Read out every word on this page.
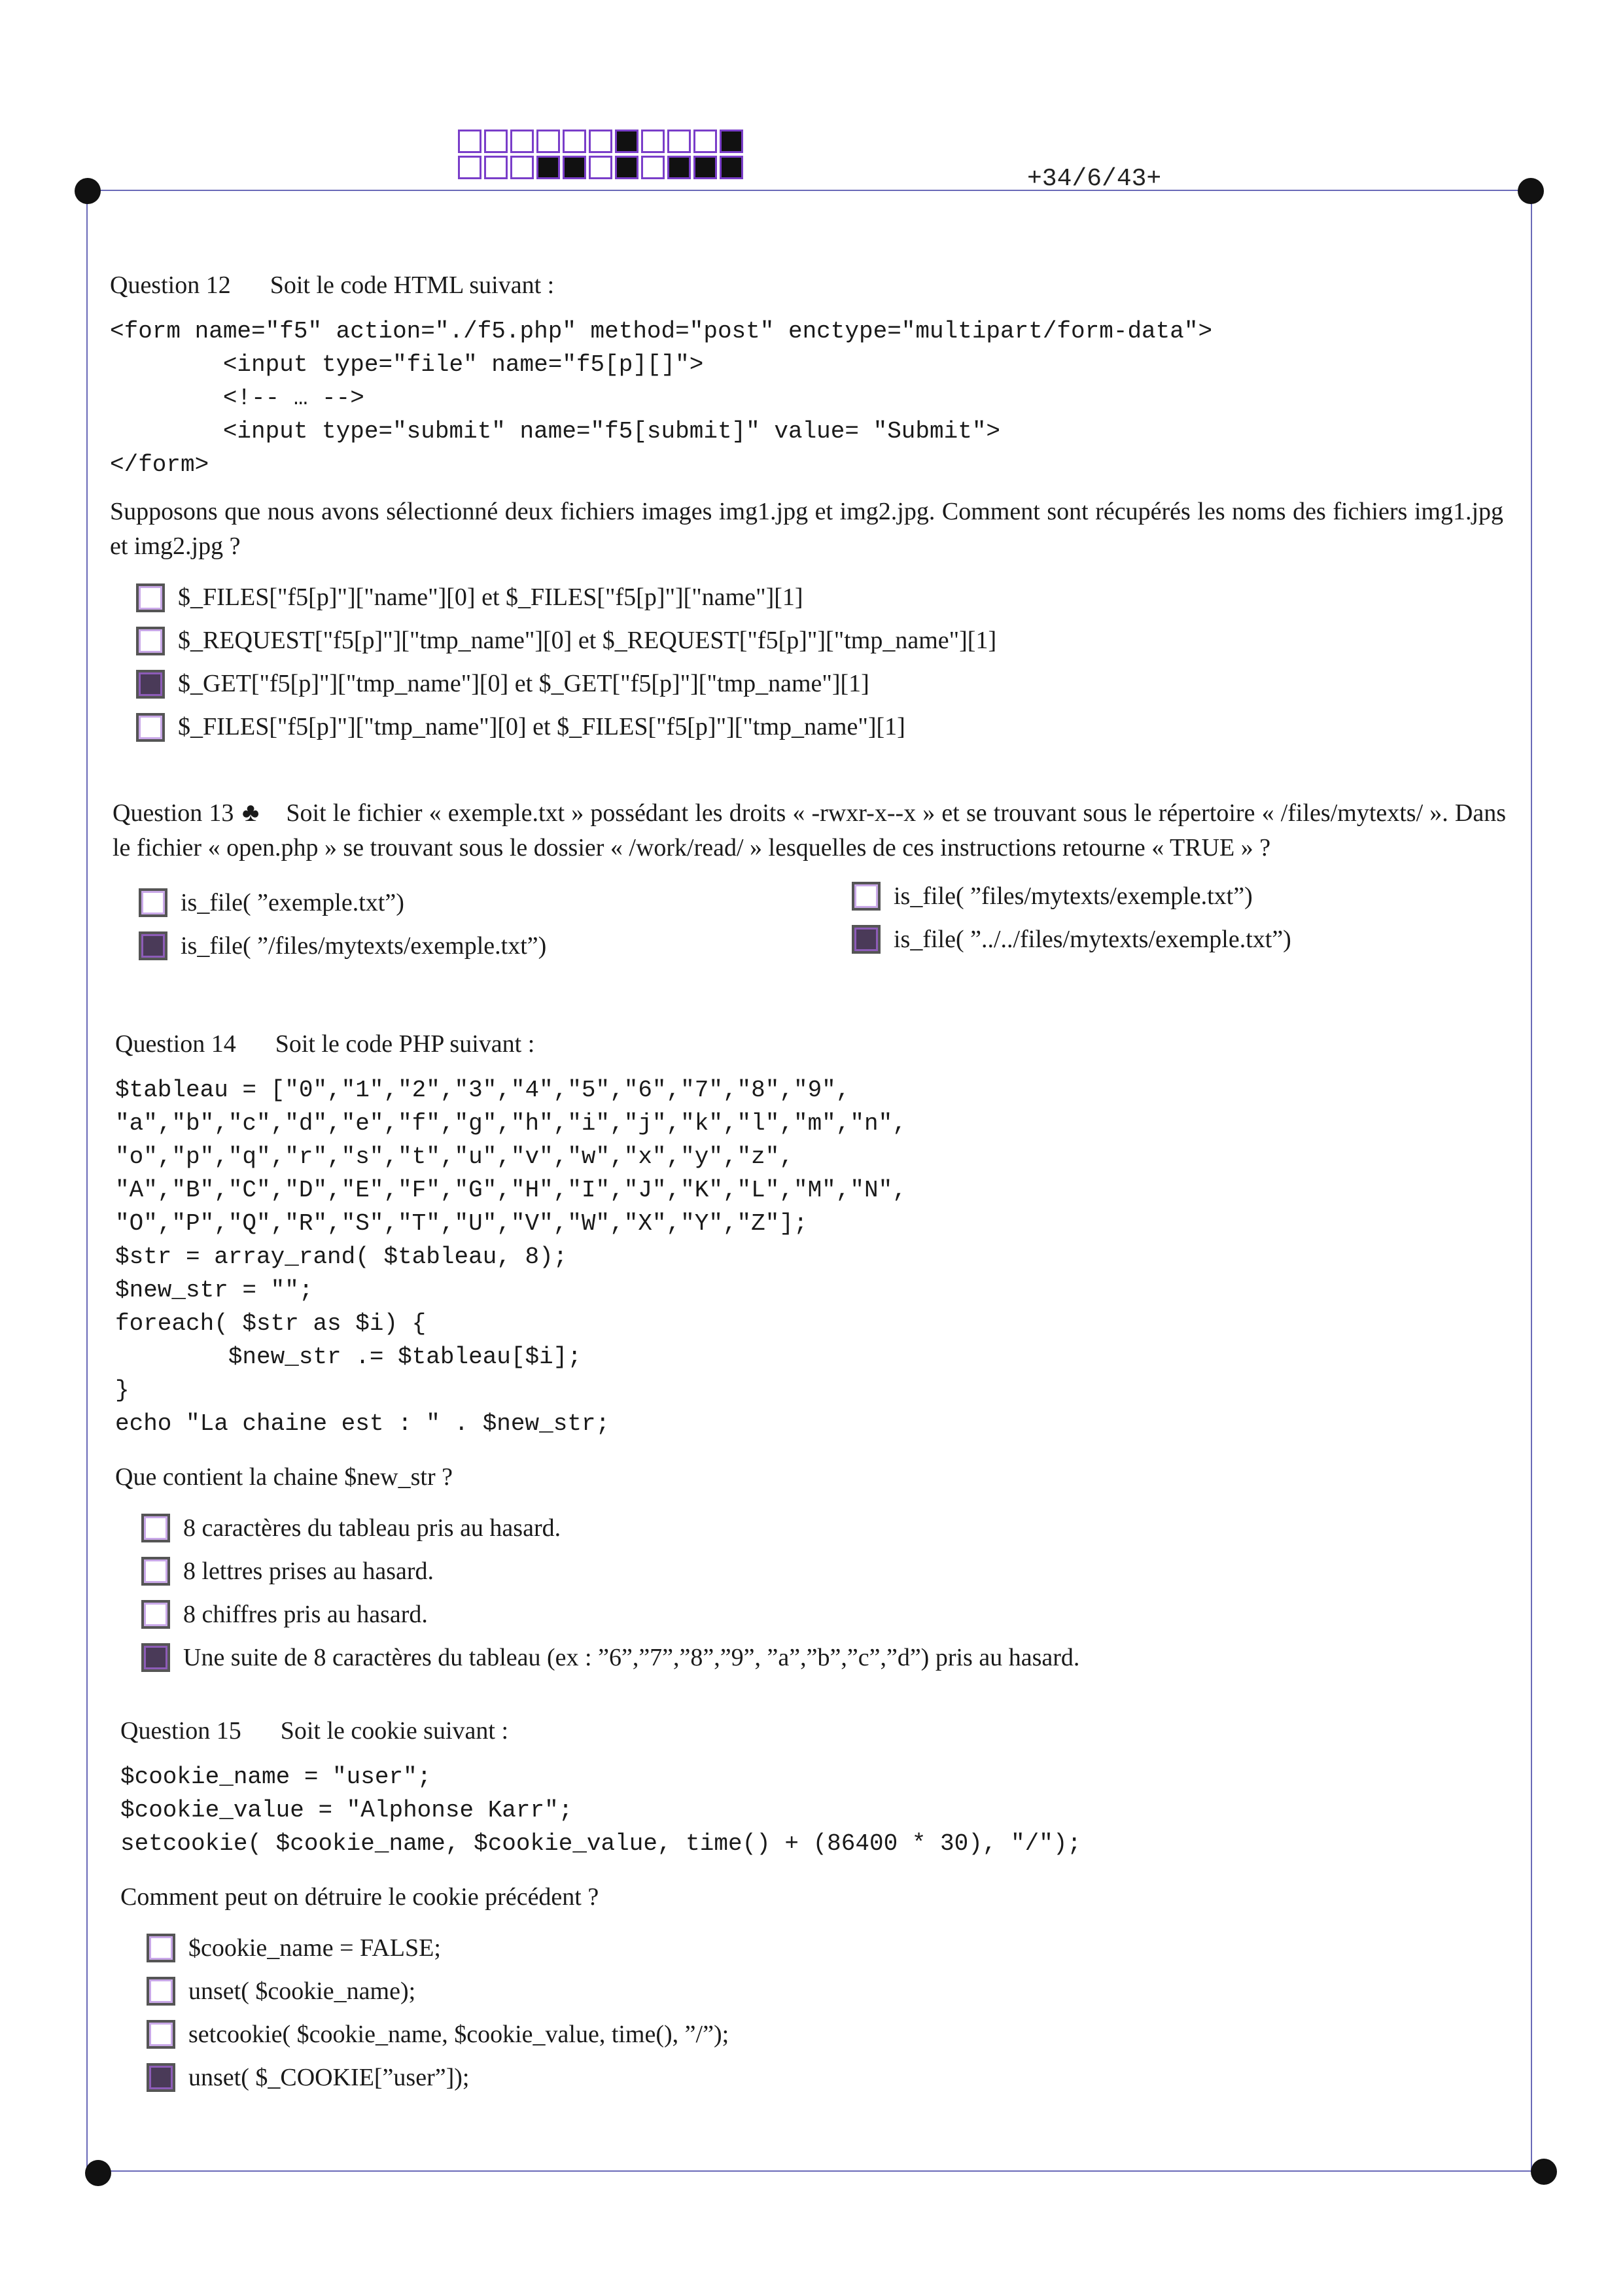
+34/6/43+
Question 12 Soit le code HTML suivant :
<form name="f5" action="./f5.php" method="post" enctype="multipart/form-data">
<input type="file" name="f5[p][]">
<!-- … -->
<input type="submit" name="f5[submit]" value= "Submit">
</form>
Supposons que nous avons sélectionné deux fichiers images img1.jpg et img2.jpg. Comment sont récupérés les noms des fichiers img1.jpg et img2.jpg ?
$_FILES["f5[p]"]["name"][0] et $_FILES["f5[p]"]["name"][1]
$_REQUEST["f5[p]"]["tmp_name"][0] et $_REQUEST["f5[p]"]["tmp_name"][1]
$_GET["f5[p]"]["tmp_name"][0] et $_GET["f5[p]"]["tmp_name"][1]
$_FILES["f5[p]"]["tmp_name"][0] et $_FILES["f5[p]"]["tmp_name"][1]
Question 13 ♣ Soit le fichier « exemple.txt » possédant les droits « -rwxr-x--x » et se trouvant sous le répertoire « /files/mytexts/ ». Dans le fichier « open.php » se trouvant sous le dossier « /work/read/ » lesquelles de ces instructions retourne « TRUE » ?
is_file( ”exemple.txt”)
is_file( ”/files/mytexts/exemple.txt”)
is_file( ”files/mytexts/exemple.txt”)
is_file( ”../../files/mytexts/exemple.txt”)
Question 14 Soit le code PHP suivant :
$tableau = ["0","1","2","3","4","5","6","7","8","9",
"a","b","c","d","e","f","g","h","i","j","k","l","m","n",
"o","p","q","r","s","t","u","v","w","x","y","z",
"A","B","C","D","E","F","G","H","I","J","K","L","M","N",
"O","P","Q","R","S","T","U","V","W","X","Y","Z"];
$str = array_rand( $tableau, 8);
$new_str = "";
foreach( $str as $i) {
$new_str .= $tableau[$i];
}
echo "La chaine est : " . $new_str;
Que contient la chaine $new_str ?
8 caractères du tableau pris au hasard.
8 lettres prises au hasard.
8 chiffres pris au hasard.
Une suite de 8 caractères du tableau (ex : ”6”,”7”,”8”,”9”, ”a”,”b”,”c”,”d”) pris au hasard.
Question 15 Soit le cookie suivant :
$cookie_name = "user";
$cookie_value = "Alphonse Karr";
setcookie( $cookie_name, $cookie_value, time() + (86400 * 30), "/");
Comment peut on détruire le cookie précédent ?
$cookie_name = FALSE;
unset( $cookie_name);
setcookie( $cookie_name, $cookie_value, time(), ”/”);
unset( $_COOKIE[”user”]);
